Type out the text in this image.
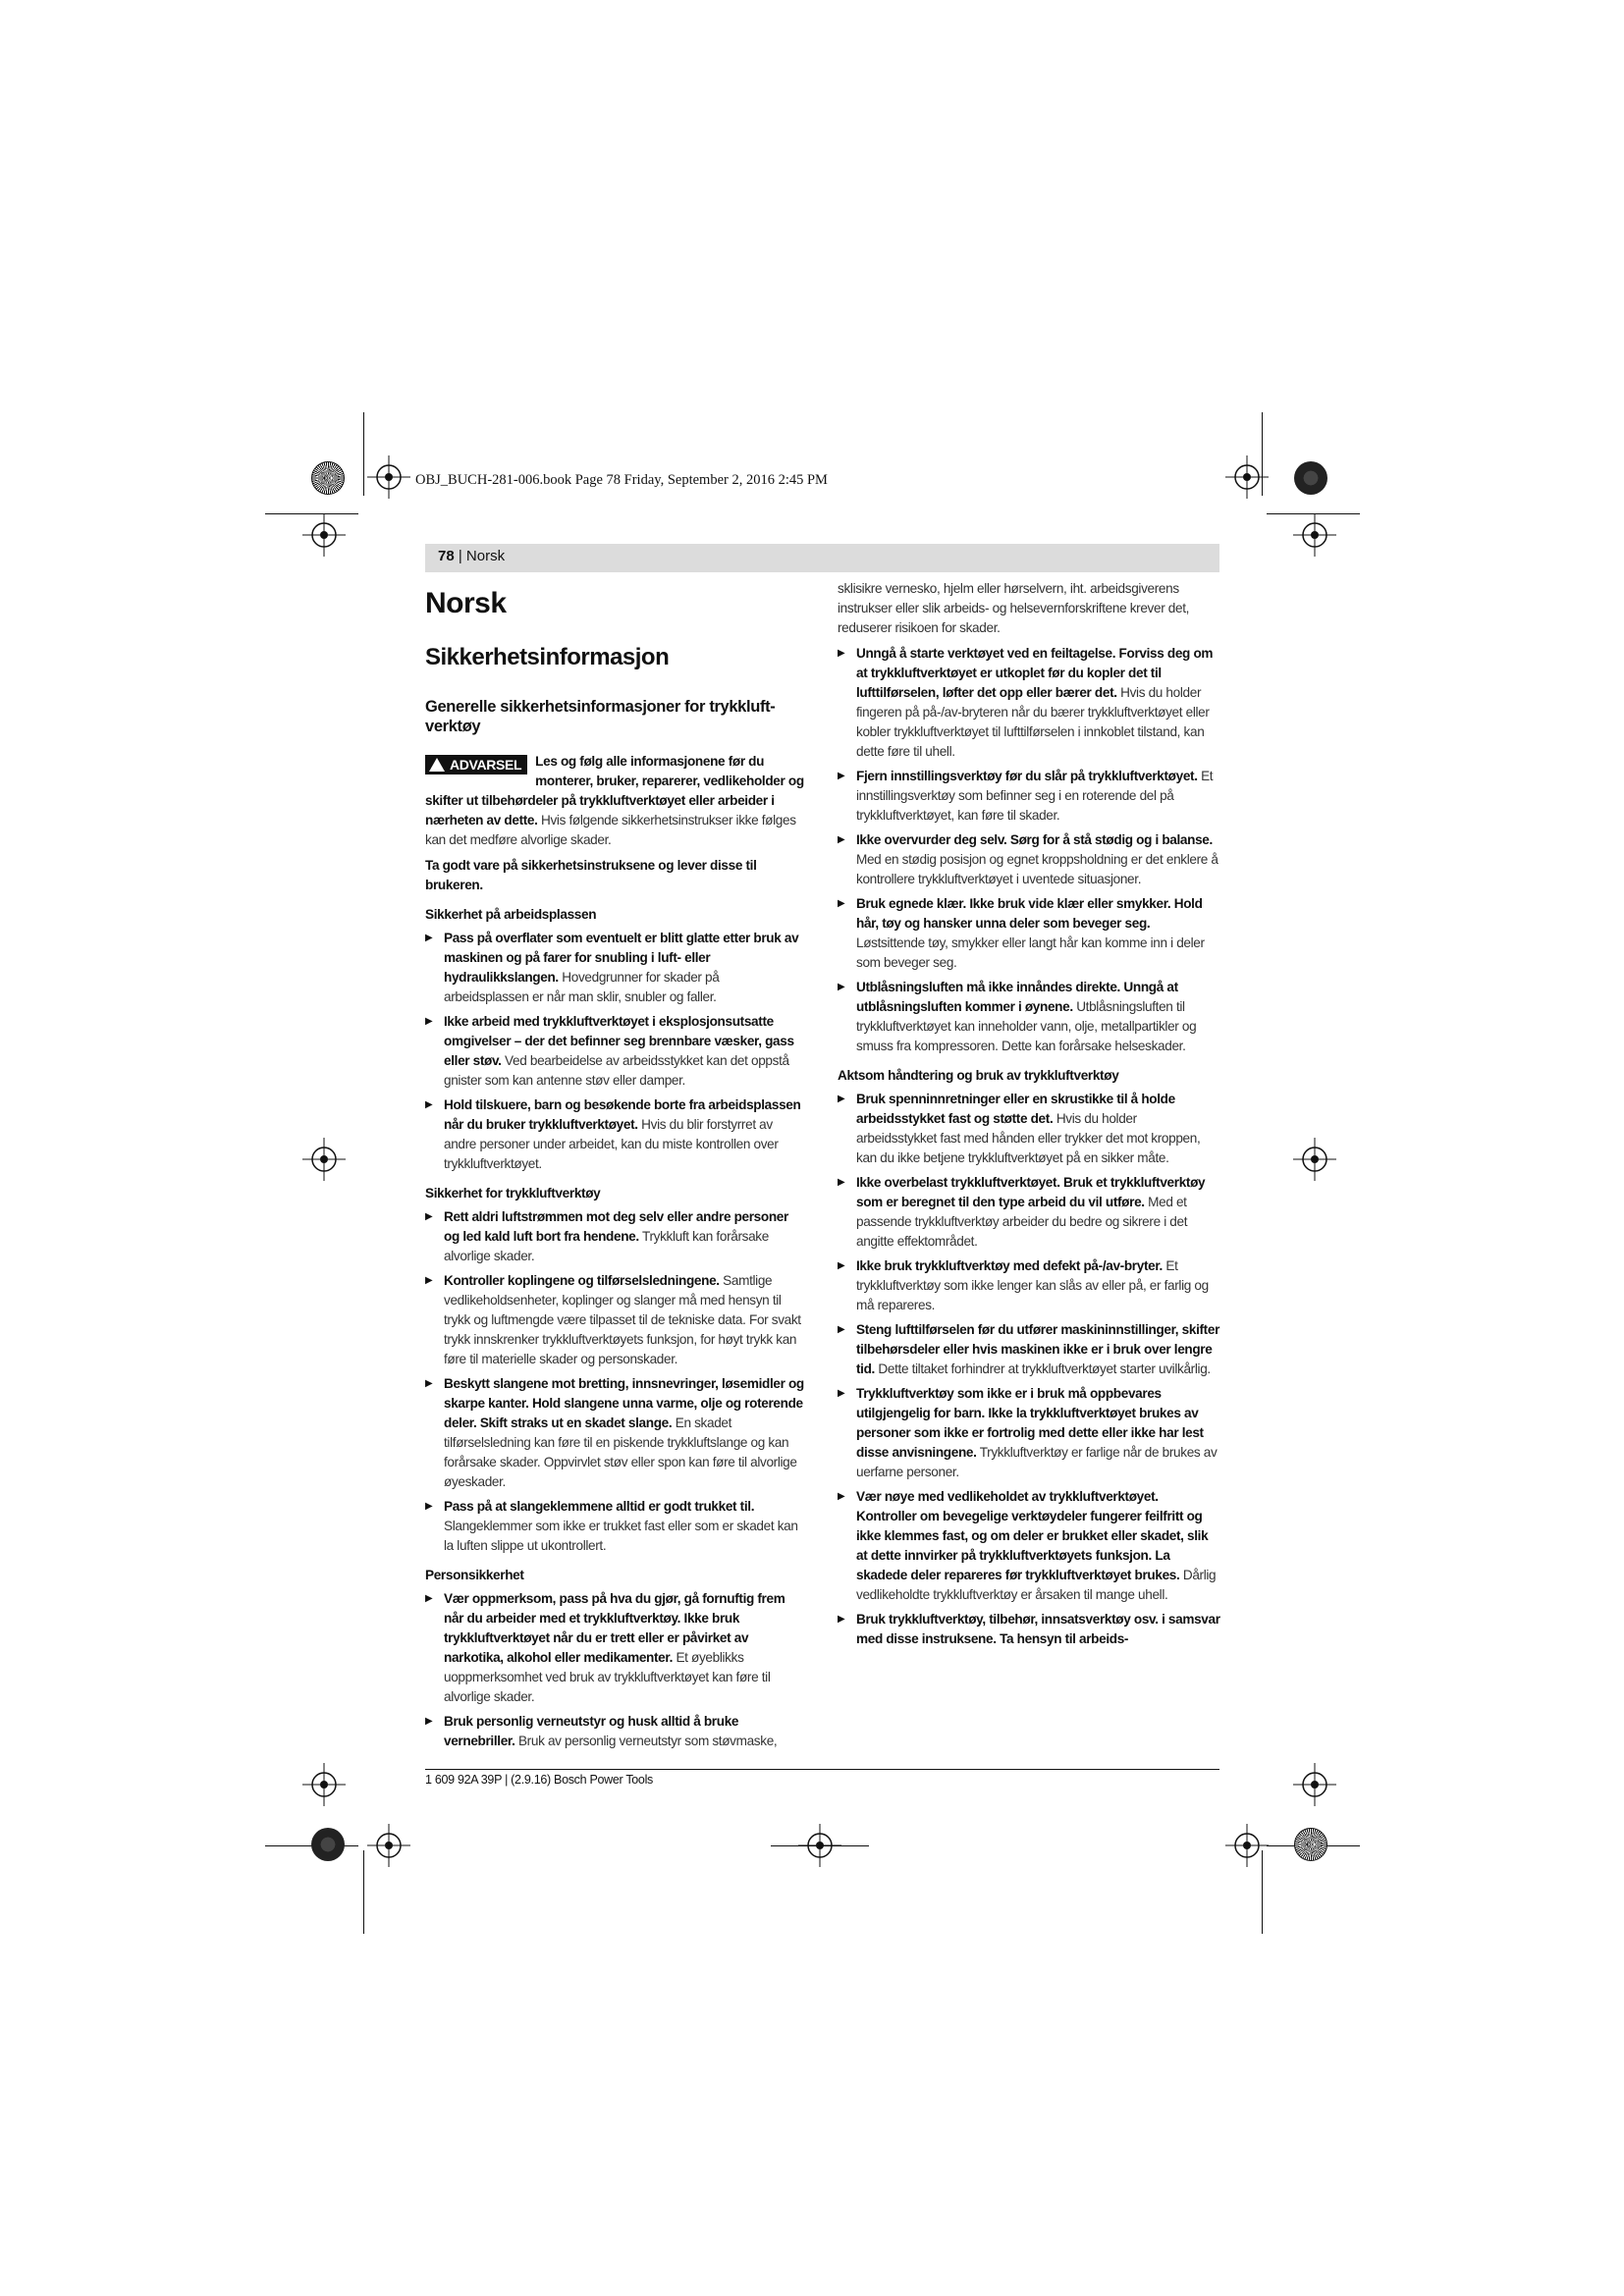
OBJ_BUCH-281-006.book Page 78 Friday, September 2, 2016 2:45 PM
78 | Norsk
Norsk
Sikkerhetsinformasjon
Generelle sikkerhetsinformasjoner for trykkluft-verktøy
ADVARSEL	Les og følg alle informasjonene før du monterer, bruker, reparerer, vedlikeholder og skifter ut tilbehørdeler på trykkluftverktøyet eller arbeider i nærheten av dette. Hvis følgende sikkerhetsinstrukser ikke følges kan det medføre alvorlige skader.

Ta godt vare på sikkerhetsinstruksene og lever disse til brukeren.

Sikkerhet på arbeidsplassen
▶ Pass på overflater som eventuelt er blitt glatte etter bruk av maskinen og på farer for snubling i luft- eller hydraulikkslangen. Hovedgrunner for skader på arbeidsplassen er når man sklir, snubler og faller.
▶ Ikke arbeid med trykkluftverktøyet i eksplosjonsutsatte omgivelser – der det befinner seg brennbare væsker, gass eller støv. Ved bearbeidelse av arbeidsstykket kan det oppstå gnister som kan antenne støv eller damper.
▶ Hold tilskuere, barn og besøkende borte fra arbeidsplassen når du bruker trykkluftverktøyet. Hvis du blir forstyrret av andre personer under arbeidet, kan du miste kontrollen over trykkluftverktøyet.
Sikkerhet for trykkluftverktøy
▶ Rett aldri luftstrømmen mot deg selv eller andre personer og led kald luft bort fra hendene. Trykkluft kan forårsake alvorlige skader.
▶ Kontroller koplingene og tilførselsledningene. Samtlige vedlikeholdsenheter, koplinger og slanger må med hensyn til trykk og luftmengde være tilpasset til de tekniske data. For svakt trykk innskrenker trykkluftverktøyets funksjon, for høyt trykk kan føre til materielle skader og personskader.
▶ Beskytt slangene mot bretting, innsnevringer, løsemidler og skarpe kanter. Hold slangene unna varme, olje og roterende deler. Skift straks ut en skadet slange. En skadet tilførselsledning kan føre til en piskende trykkluftslange og kan forårsake skader. Oppvirvlet støv eller spon kan føre til alvorlige øyeskader.
▶ Pass på at slangeklemmene alltid er godt trukket til. Slangeklemmer som ikke er trukket fast eller som er skadet kan la luften slippe ut ukontrollert.
Personsikkerhet
▶ Vær oppmerksom, pass på hva du gjør, gå fornuftig frem når du arbeider med et trykkluftverktøy. Ikke bruk trykkluftverktøyet når du er trett eller er påvirket av narkotika, alkohol eller medikamenter. Et øyeblikks uoppmerksomhet ved bruk av trykkluftverktøyet kan føre til alvorlige skader.
▶ Bruk personlig verneutstyr og husk alltid å bruke vernebriller. Bruk av personlig verneutstyr som støvmaske,

sklisikre vernesko, hjelm eller hørselvern, iht. arbeidsgiverens instrukser eller slik arbeids- og helsevernforskriftene krever det, reduserer risikoen for skader.

▶ Unngå å starte verktøyet ved en feiltagelse. Forviss deg om at trykkluftverktøyet er utkoplet før du kopler det til lufttilførselen, løfter det opp eller bærer det. Hvis du holder fingeren på på-/av-bryteren når du bærer trykkluftverktøyet eller kobler trykkluftverktøyet til lufttilførselen i innkoblet tilstand, kan dette føre til uhell.
▶ Fjern innstillingsverktøy før du slår på trykkluftverktøyet. Et innstillingsverktøy som befinner seg i en roterende del på trykkluftverktøyet, kan føre til skader.
▶ Ikke overvurder deg selv. Sørg for å stå stødig og i balanse. Med en stødig posisjon og egnet kroppsholdning er det enklere å kontrollere trykkluftverktøyet i uventede situasjoner.
▶ Bruk egnede klær. Ikke bruk vide klær eller smykker. Hold hår, tøy og hansker unna deler som beveger seg. Løstsittende tøy, smykker eller langt hår kan komme inn i deler som beveger seg.
▶ Utblåsningsluften må ikke innåndes direkte. Unngå at utblåsningsluften kommer i øynene. Utblåsningsluften til trykkluftverktøyet kan inneholder vann, olje, metallpartikler og smuss fra kompressoren. Dette kan forårsake helseskader.
Aktsom håndtering og bruk av trykkluftverktøy
▶ Bruk spenninnretninger eller en skrustikke til å holde arbeidsstykket fast og støtte det. Hvis du holder arbeidsstykket fast med hånden eller trykker det mot kroppen, kan du ikke betjene trykkluftverktøyet på en sikker måte.
▶ Ikke overbelast trykkluftverktøyet. Bruk et trykkluftverktøy som er beregnet til den type arbeid du vil utføre. Med et passende trykkluftverktøy arbeider du bedre og sikrere i det angitte effektområdet.
▶ Ikke bruk trykkluftverktøy med defekt på-/av-bryter. Et trykkluftverktøy som ikke lenger kan slås av eller på, er farlig og må repareres.
▶ Steng lufttilførselen før du utfører maskininnstillinger, skifter tilbehørsdeler eller hvis maskinen ikke er i bruk over lengre tid. Dette tiltaket forhindrer at trykkluftverktøyet starter uvilkårlig.
▶ Trykkluftverktøy som ikke er i bruk må oppbevares utilgjengelig for barn. Ikke la trykkluftverktøyet brukes av personer som ikke er fortrolig med dette eller ikke har lest disse anvisningene. Trykkluftverktøy er farlige når de brukes av uerfarne personer.
▶ Vær nøye med vedlikeholdet av trykkluftverktøyet. Kontroller om bevegelige verktøydeler fungerer feilfritt og ikke klemmes fast, og om deler er brukket eller skadet, slik at dette innvirker på trykkluftverktøyets funksjon. La skadede deler repareres før trykkluftverktøyet brukes. Dårlig vedlikeholdte trykkluftverktøy er årsaken til mange uhell.
▶ Bruk trykkluftverktøy, tilbehør, innsatsverktøy osv. i samsvar med disse instruksene. Ta hensyn til arbeids-
1 609 92A 39P | (2.9.16) Bosch Power Tools
